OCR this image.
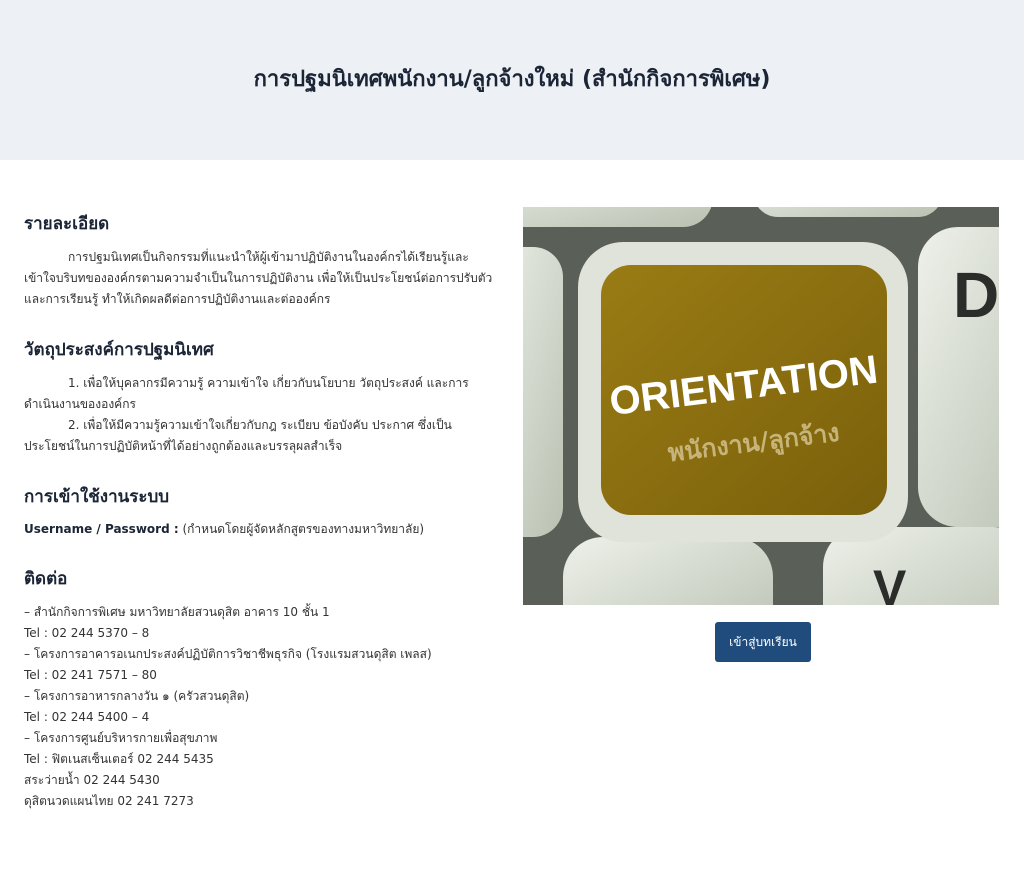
การปฐมนิเทศพนักงาน/ลูกจ้างใหม่ (สำนักกิจการพิเศษ)
รายละเอียด

การปฐมนิเทศเป็นกิจกรรมที่แนะนำให้ผู้เข้ามาปฏิบัติงานในองค์กรได้เรียนรู้และเข้าใจบริบทขององค์กรตามความจำเป็นในการปฏิบัติงาน เพื่อให้เป็นประโยชน์ต่อการปรับตัวและการเรียนรู้ ทำให้เกิดผลดีต่อการปฏิบัติงานและต่อองค์กร

วัตถุประสงค์การปฐมนิเทศ

1. เพื่อให้บุคลากรมีความรู้ ความเข้าใจ เกี่ยวกับนโยบาย วัตถุประสงค์ และการดำเนินงานขององค์กร

2. เพื่อให้มีความรู้ความเข้าใจเกี่ยวกับกฎ ระเบียบ ข้อบังคับ ประกาศ ซึ่งเป็นประโยชน์ในการปฏิบัติหน้าที่ได้อย่างถูกต้องและบรรลุผลสำเร็จ

การเข้าใช้งานระบบ
Username / Password : (กำหนดโดยผู้จัดหลักสูตรของทางมหาวิทยาลัย)
ติดต่อ
– สำนักกิจการพิเศษ มหาวิทยาลัยสวนดุสิต อาคาร 10 ชั้น 1
Tel : 02 244 5370 – 8
– โครงการอาคารอเนกประสงค์ปฏิบัติการวิชาชีพธุรกิจ (โรงแรมสวนดุสิต เพลส)
Tel : 02 241 7571 – 80
– โครงการอาหารกลางวัน ๑ (ครัวสวนดุสิต)
Tel : 02 244 5400 – 4
– โครงการศูนย์บริหารกายเพื่อสุขภาพ
Tel : ฟิตเนสเซ็นเตอร์ 02 244 5435
สระว่ายน้ำ 02 244 5430
ดุสิตนวดแผนไทย 02 241 7273
ORIENTATION
พนักงาน/ลูกจ้าง
D
V
เข้าสู่บทเรียน
